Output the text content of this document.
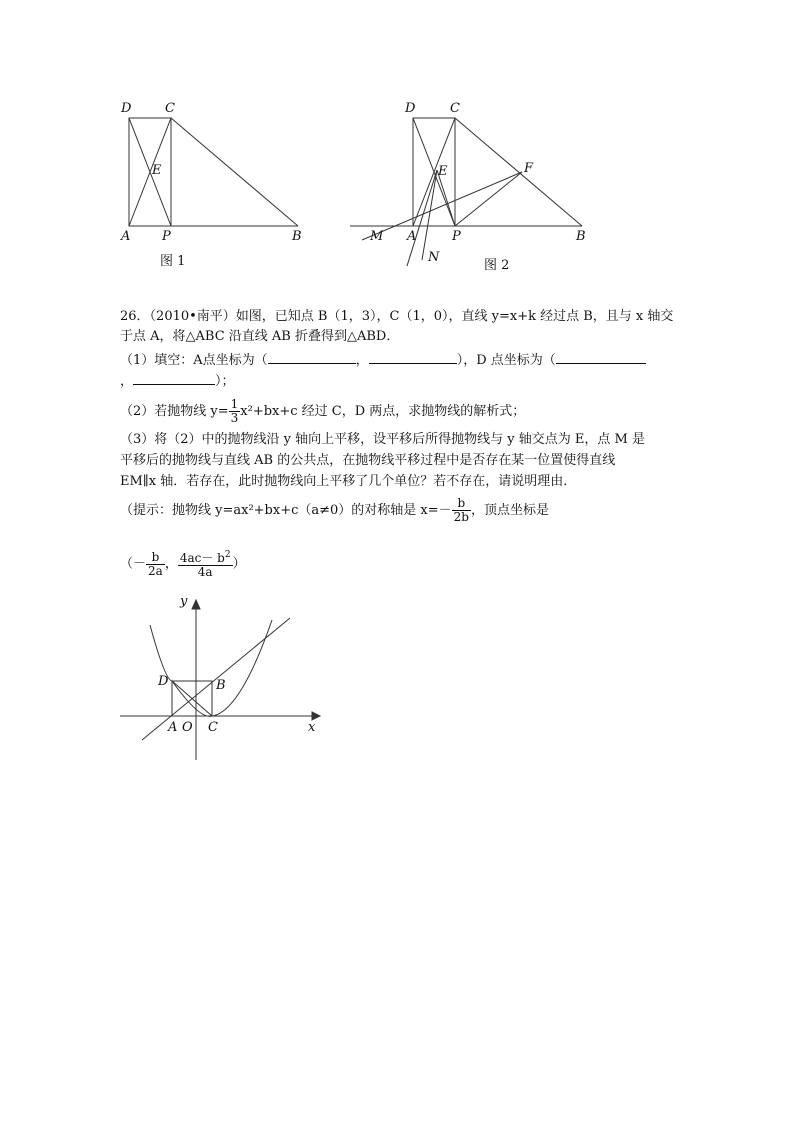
D	C
E
A P	B
图 1
D	C
E	F
M A	P	B
N
图 2
26．（2010•南平）如图，已知点 B（1，3），C（1，0），直线 y=x+k 经过点 B，且与 x 轴交
于点 A，将△ABC 沿直线 AB 折叠得到△ABD．
（1）填空：A点坐标为（	，	），D 点坐标为（
，	）；
（2）若抛物线 $y= \frac{1}{3} x^2+bx+c$ 经过 C，D 两点，求抛物线的解析式；
（3）将（2）中的抛物线沿 y 轴向上平移，设平移后所得抛物线与 y 轴交点为 E，点 M 是
平移后的抛物线与直线 AB 的公共点，在抛物线平移过程中是否存在某一位置使得直线
EM∥x 轴．若存在，此时抛物线向上平移了几个单位？若不存在，请说明理由．
（提示：抛物线 y=ax²+bx+c（a≠0）的对称轴是 $x=- \frac{b}{2b}$ ，顶点坐标是
（－ $\frac{b}{2a}$ ， $\frac{4ac- b^2}{4a}$ ）
y
x
D	B
A O C
